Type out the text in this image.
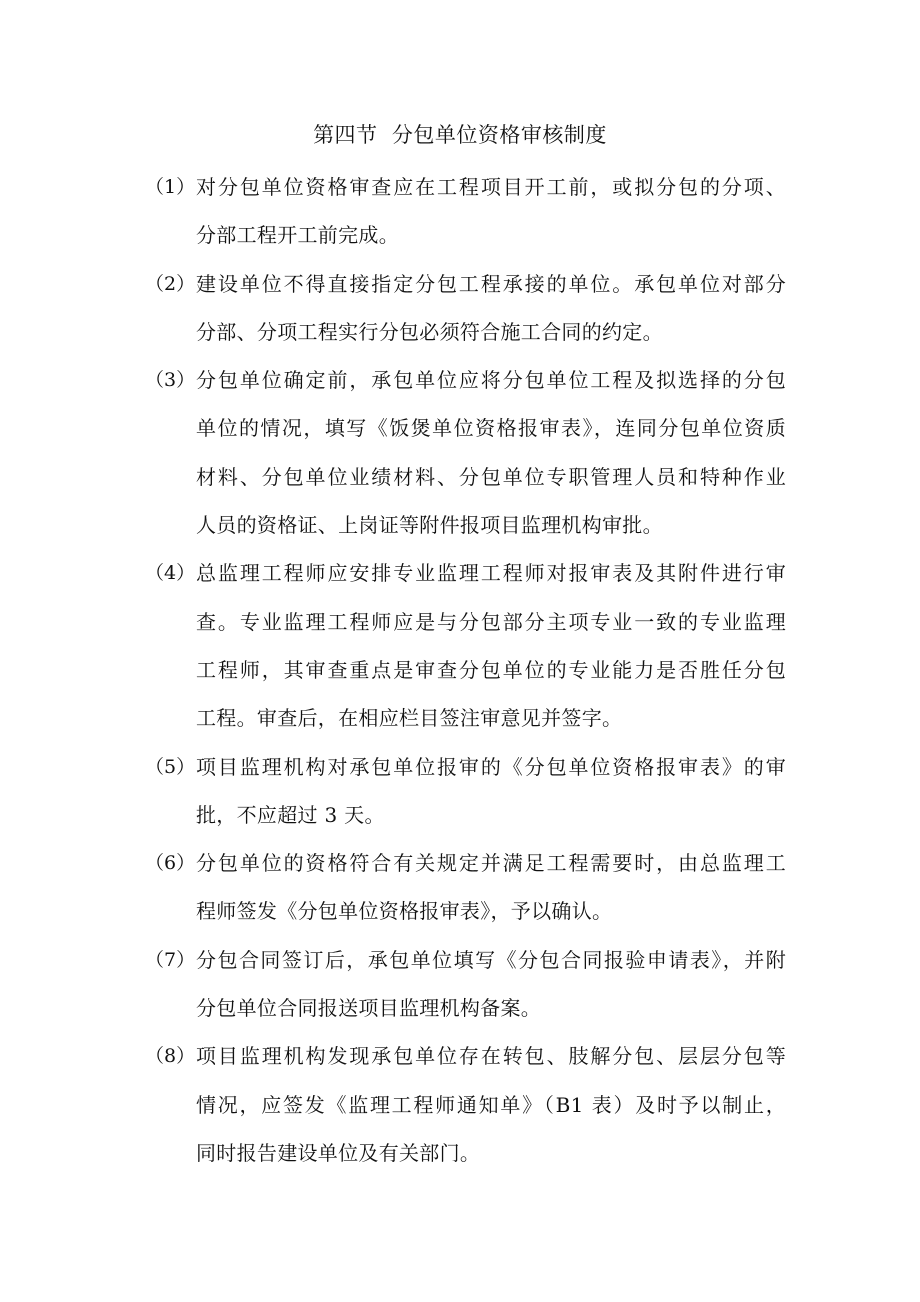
第四节  分包单位资格审核制度
（1） 对分包单位资格审查应在工程项目开工前，或拟分包的分项、
分部工程开工前完成。
（2） 建设单位不得直接指定分包工程承接的单位。承包单位对部分
分部、分项工程实行分包必须符合施工合同的约定。
（3） 分包单位确定前，承包单位应将分包单位工程及拟选择的分包
单位的情况，填写《饭煲单位资格报审表》，连同分包单位资质
材料、分包单位业绩材料、分包单位专职管理人员和特种作业
人员的资格证、上岗证等附件报项目监理机构审批。
（4） 总监理工程师应安排专业监理工程师对报审表及其附件进行审
查。专业监理工程师应是与分包部分主项专业一致的专业监理
工程师，其审查重点是审查分包单位的专业能力是否胜任分包
工程。审查后，在相应栏目签注审意见并签字。
（5） 项目监理机构对承包单位报审的《分包单位资格报审表》的审
批，不应超过 3 天。
（6） 分包单位的资格符合有关规定并满足工程需要时，由总监理工
程师签发《分包单位资格报审表》，予以确认。
（7） 分包合同签订后，承包单位填写《分包合同报验申请表》，并附
分包单位合同报送项目监理机构备案。
（8） 项目监理机构发现承包单位存在转包、肢解分包、层层分包等
情况，应签发《监理工程师通知单》（B1 表）及时予以制止，
同时报告建设单位及有关部门。
